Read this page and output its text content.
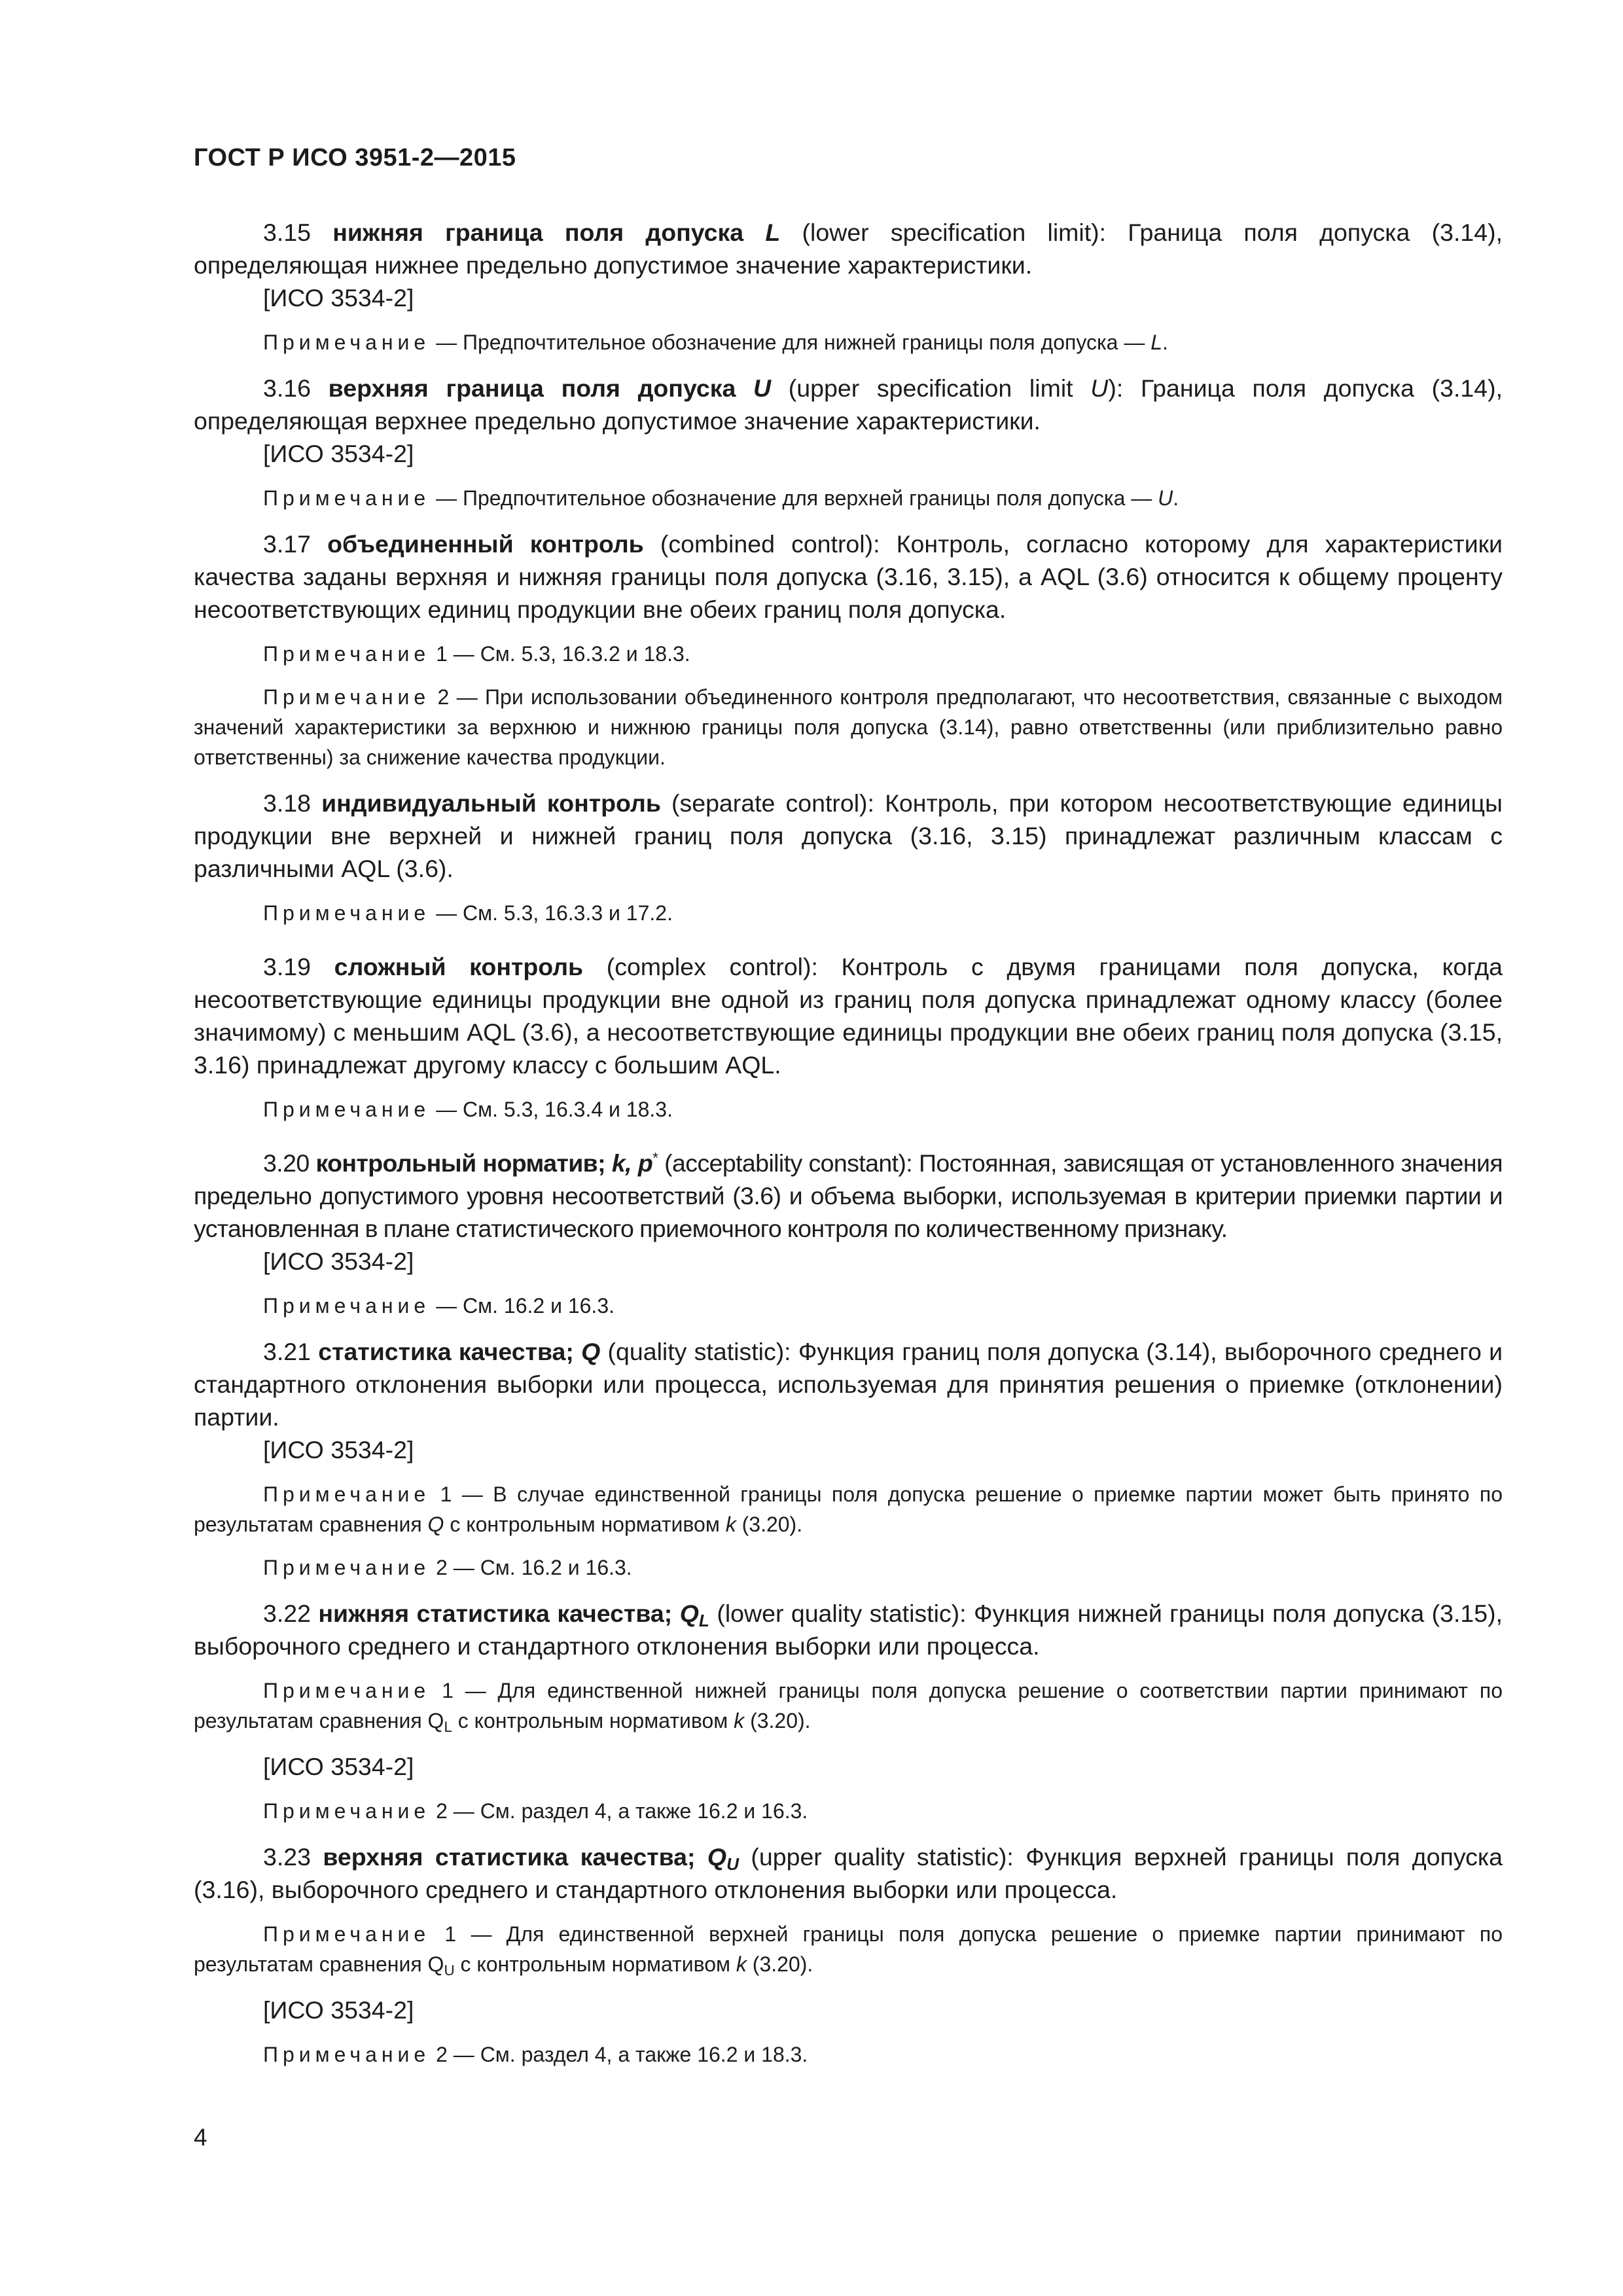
ГОСТ Р ИСО 3951-2—2015

3.15 нижняя граница поля допуска L (lower specification limit): Граница поля допуска (3.14), определяющая нижнее предельно допустимое значение характеристики.

[ИСО 3534-2]

Примечание — Предпочтительное обозначение для нижней границы поля допуска — L.

3.16 верхняя граница поля допуска U (upper specification limit U): Граница поля допуска (3.14), определяющая верхнее предельно допустимое значение характеристики.

[ИСО 3534-2]

Примечание — Предпочтительное обозначение для верхней границы поля допуска — U.

3.17 объединенный контроль (combined control): Контроль, согласно которому для характеристики качества заданы верхняя и нижняя границы поля допуска (3.16, 3.15), а AQL (3.6) относится к общему проценту несоответствующих единиц продукции вне обеих границ поля допуска.

Примечание 1 — См. 5.3, 16.3.2 и 18.3.

Примечание 2 — При использовании объединенного контроля предполагают, что несоответствия, связанные с выходом значений характеристики за верхнюю и нижнюю границы поля допуска (3.14), равно ответственны (или приблизительно равно ответственны) за снижение качества продукции.

3.18 индивидуальный контроль (separate control): Контроль, при котором несоответствующие единицы продукции вне верхней и нижней границ поля допуска (3.16, 3.15) принадлежат различным классам с различными AQL (3.6).

Примечание — См. 5.3, 16.3.3 и 17.2.

3.19 сложный контроль (complex control): Контроль с двумя границами поля допуска, когда несоответствующие единицы продукции вне одной из границ поля допуска принадлежат одному классу (более значимому) с меньшим AQL (3.6), а несоответствующие единицы продукции вне обеих границ поля допуска (3.15, 3.16) принадлежат другому классу с большим AQL.

Примечание — См. 5.3, 16.3.4 и 18.3.

3.20 контрольный норматив; k, p* (acceptability constant): Постоянная, зависящая от установленного значения предельно допустимого уровня несоответствий (3.6) и объема выборки, используемая в критерии приемки партии и установленная в плане статистического приемочного контроля по количественному признаку.

[ИСО 3534-2]

Примечание — См. 16.2 и 16.3.

3.21 статистика качества; Q (quality statistic): Функция границ поля допуска (3.14), выборочного среднего и стандартного отклонения выборки или процесса, используемая для принятия решения о приемке (отклонении) партии.

[ИСО 3534-2]

Примечание 1 — В случае единственной границы поля допуска решение о приемке партии может быть принято по результатам сравнения Q с контрольным нормативом k (3.20).

Примечание 2 — См. 16.2 и 16.3.

3.22 нижняя статистика качества; $Q_L$ (lower quality statistic): Функция нижней границы поля допуска (3.15), выборочного среднего и стандартного отклонения выборки или процесса.

Примечание 1 — Для единственной нижней границы поля допуска решение о соответствии партии принимают по результатам сравнения $Q_L$ с контрольным нормативом k (3.20).

[ИСО 3534-2]

Примечание 2 — См. раздел 4, а также 16.2 и 16.3.

3.23 верхняя статистика качества; $Q_U$ (upper quality statistic): Функция верхней границы поля допуска (3.16), выборочного среднего и стандартного отклонения выборки или процесса.

Примечание 1 — Для единственной верхней границы поля допуска решение о приемке партии принимают по результатам сравнения $Q_U$ с контрольным нормативом k (3.20).

[ИСО 3534-2]

Примечание 2 — См. раздел 4, а также 16.2 и 18.3.

4
